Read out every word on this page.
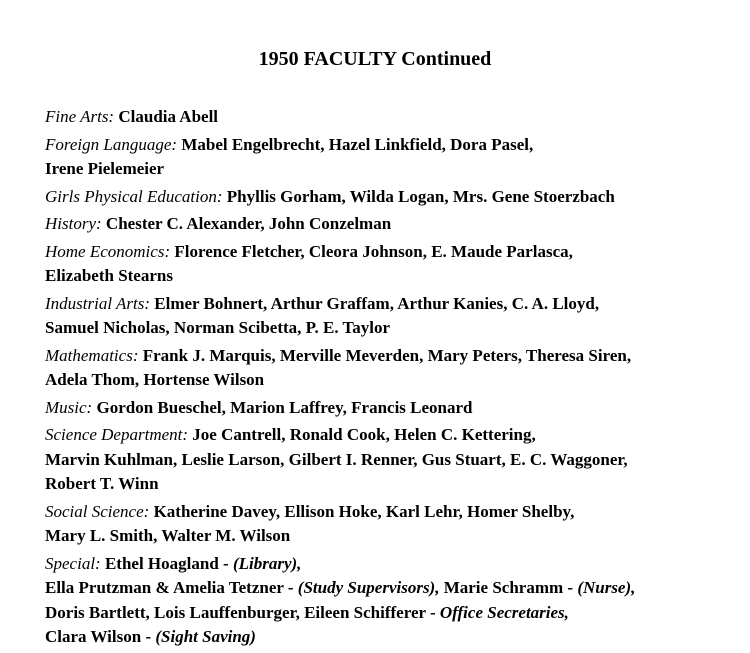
1950 FACULTY Continued

Fine Arts: Claudia Abell

Foreign Language: Mabel Engelbrecht, Hazel Linkfield, Dora Pasel,
Irene Pielemeier

Girls Physical Education: Phyllis Gorham, Wilda Logan, Mrs. Gene Stoerzbach

History: Chester C. Alexander, John Conzelman

Home Economics: Florence Fletcher, Cleora Johnson, E. Maude Parlasca,
Elizabeth Stearns

Industrial Arts: Elmer Bohnert, Arthur Graffam, Arthur Kanies, C. A. Lloyd,
Samuel Nicholas, Norman Scibetta, P. E. Taylor

Mathematics: Frank J. Marquis, Merville Meverden, Mary Peters, Theresa Siren,
Adela Thom, Hortense Wilson

Music: Gordon Bueschel, Marion Laffrey, Francis Leonard

Science Department: Joe Cantrell, Ronald Cook, Helen C. Kettering,
Marvin Kuhlman, Leslie Larson, Gilbert I. Renner, Gus Stuart, E. C. Waggoner,
Robert T. Winn

Social Science: Katherine Davey, Ellison Hoke, Karl Lehr, Homer Shelby,
Mary L. Smith, Walter M. Wilson

Special: Ethel Hoagland - (Library),
Ella Prutzman & Amelia Tetzner - (Study Supervisors), Marie Schramm - (Nurse),
Doris Bartlett, Lois Lauffenburger, Eileen Schifferer - Office Secretaries,
Clara Wilson - (Sight Saving)
